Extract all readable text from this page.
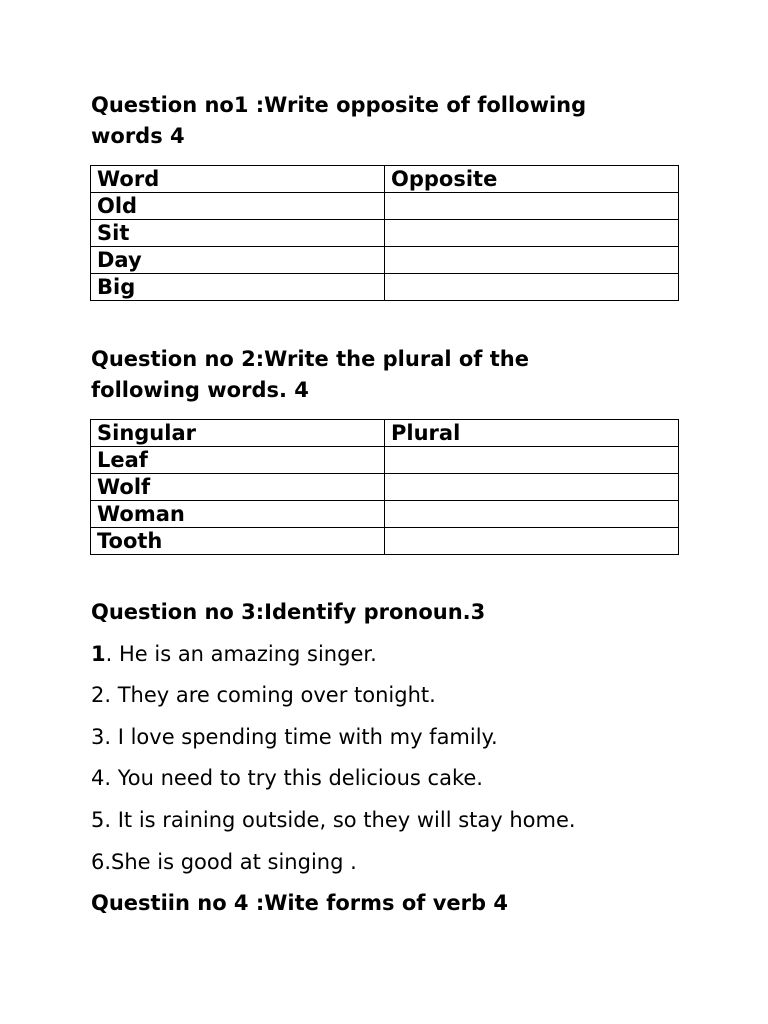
Question no1 :Write opposite of following
words 4

Word	Opposite
Old	
Sit	
Day	
Big	

Question no 2:Write the plural of the
following words. 4

Singular	Plural
Leaf	
Wolf	
Woman	
Tooth	

Question no 3:Identify pronoun.3

1. He is an amazing singer.

2. They are coming over tonight.

3. I love spending time with my family.

4. You need to try this delicious cake.

5. It is raining outside, so they will stay home.

6.She is good at singing .

Questiin no 4 :Wite forms of verb 4
